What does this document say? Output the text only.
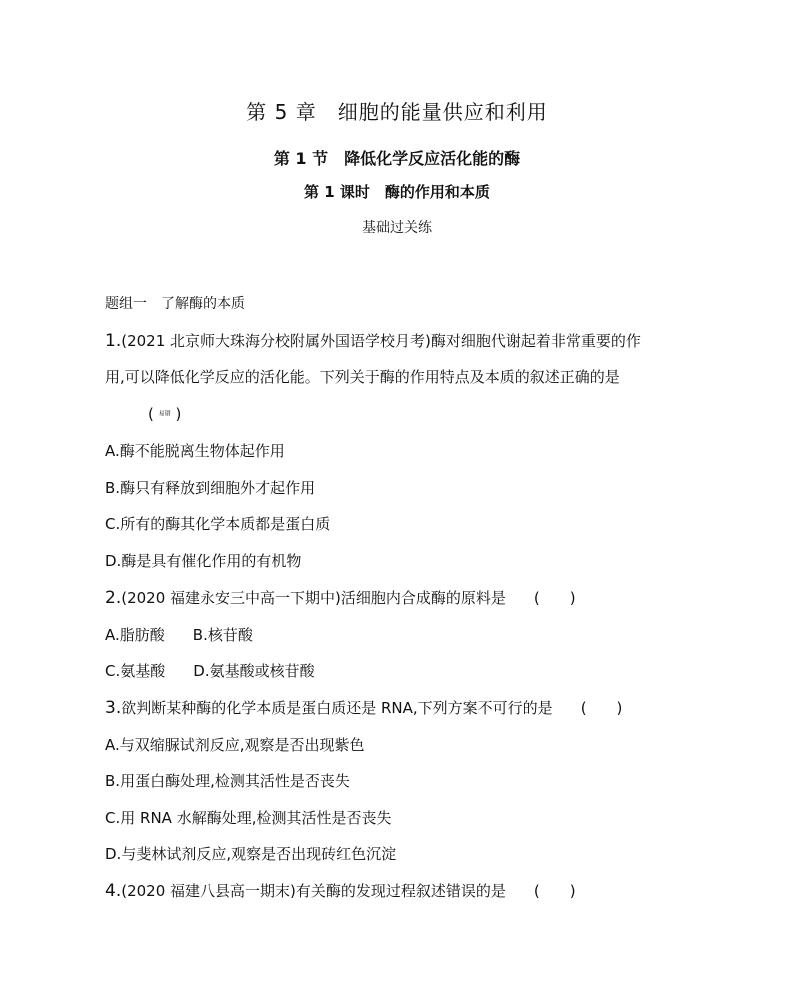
第 5 章　细胞的能量供应和利用
第 1 节　降低化学反应活化能的酶
第 1 课时　酶的作用和本质
基础过关练
题组一　了解酶的本质
1.(2021 北京师大珠海分校附属外国语学校月考)酶对细胞代谢起着非常重要的作
用,可以降低化学反应的活化能。下列关于酶的作用特点及本质的叙述正确的是
( 易错 )
A.酶不能脱离生物体起作用
B.酶只有释放到细胞外才起作用
C.所有的酶其化学本质都是蛋白质
D.酶是具有催化作用的有机物
2.(2020 福建永安三中高一下期中)活细胞内合成酶的原料是 (　　)
A.脂肪酸 B.核苷酸
C.氨基酸 D.氨基酸或核苷酸
3.欲判断某种酶的化学本质是蛋白质还是 RNA,下列方案不可行的是 (　　)
A.与双缩脲试剂反应,观察是否出现紫色
B.用蛋白酶处理,检测其活性是否丧失
C.用 RNA 水解酶处理,检测其活性是否丧失
D.与斐林试剂反应,观察是否出现砖红色沉淀
4.(2020 福建八县高一期末)有关酶的发现过程叙述错误的是 (　　)
